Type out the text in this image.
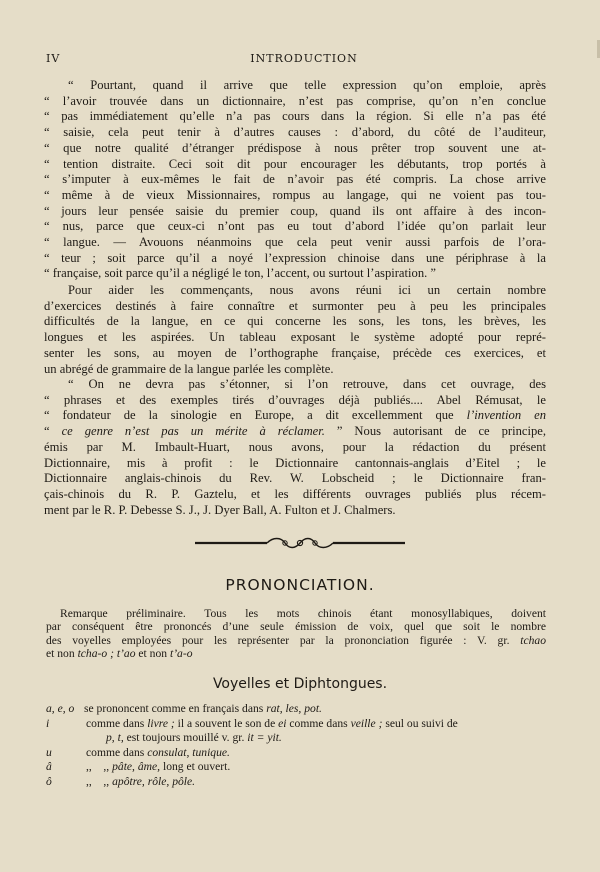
IV	INTRODUCTION
“ Pourtant, quand il arrive que telle expression qu’on emploie, après
“ l’avoir trouvée dans un dictionnaire, n’est pas comprise, qu’on n’en conclue
“ pas immédiatement qu’elle n’a pas cours dans la région. Si elle n’a pas été
“ saisie, cela peut tenir à d’autres causes : d’abord, du côté de l’auditeur,
“ que notre qualité d’étranger prédispose à nous prêter trop souvent une at-
“ tention distraite. Ceci soit dit pour encourager les débutants, trop portés à
“ s’imputer à eux-mêmes le fait de n’avoir pas été compris. La chose arrive
“ même à de vieux Missionnaires, rompus au langage, qui ne voient pas tou-
“ jours leur pensée saisie du premier coup, quand ils ont affaire à des incon-
“ nus, parce que ceux-ci n’ont pas eu tout d’abord l’idée qu’on parlait leur
“ langue. — Avouons néanmoins que cela peut venir aussi parfois de l’ora-
“ teur ; soit parce qu’il a noyé l’expression chinoise dans une périphrase à la
“ française, soit parce qu’il a négligé le ton, l’accent, ou surtout l’aspiration. ”
Pour aider les commençants, nous avons réuni ici un certain nombre
d’exercices destinés à faire connaître et surmonter peu à peu les principales
difficultés de la langue, en ce qui concerne les sons, les tons, les brèves, les
longues et les aspirées. Un tableau exposant le système adopté pour repré-
senter les sons, au moyen de l’orthographe française, précède ces exercices, et
un abrégé de grammaire de la langue parlée les complète.
“ On ne devra pas s’étonner, si l’on retrouve, dans cet ouvrage, des
“ phrases et des exemples tirés d’ouvrages déjà publiés.... Abel Rémusat, le
“ fondateur de la sinologie en Europe, a dit excellemment que l’invention en
“ ce genre n’est pas un mérite à réclamer. ” Nous autorisant de ce principe,
émis par M. Imbault-Huart, nous avons, pour la rédaction du présent
Dictionnaire, mis à profit : le Dictionnaire cantonnais-anglais d’Eitel ; le
Dictionnaire anglais-chinois du Rev. W. Lobscheid ; le Dictionnaire fran-
çais-chinois du R. P. Gaztelu, et les différents ouvrages publiés plus récem-
ment par le R. P. Debesse S. J., J. Dyer Ball, A. Fulton et J. Chalmers.
PRONONCIATION.
Remarque préliminaire. Tous les mots chinois étant monosyllabiques, doivent
par conséquent être prononcés d’une seule émission de voix, quel que soit le nombre
des voyelles employées pour les représenter par la prononciation figurée : V. gr. tchao
et non tcha-o ; t’ao et non t’a-o
Voyelles et Diphtongues.
a, e, o se prononcent comme en français dans rat, les, pot.
i	comme dans livre ; il a souvent le son de ei comme dans veille ; seul ou suivi de
p, t, est toujours mouillé v. gr. it = yit.
u	comme dans consulat, tunique.
â	,,    ,, pâte, âme, long et ouvert.
ô	,,    ,, apôtre, rôle, pôle.
